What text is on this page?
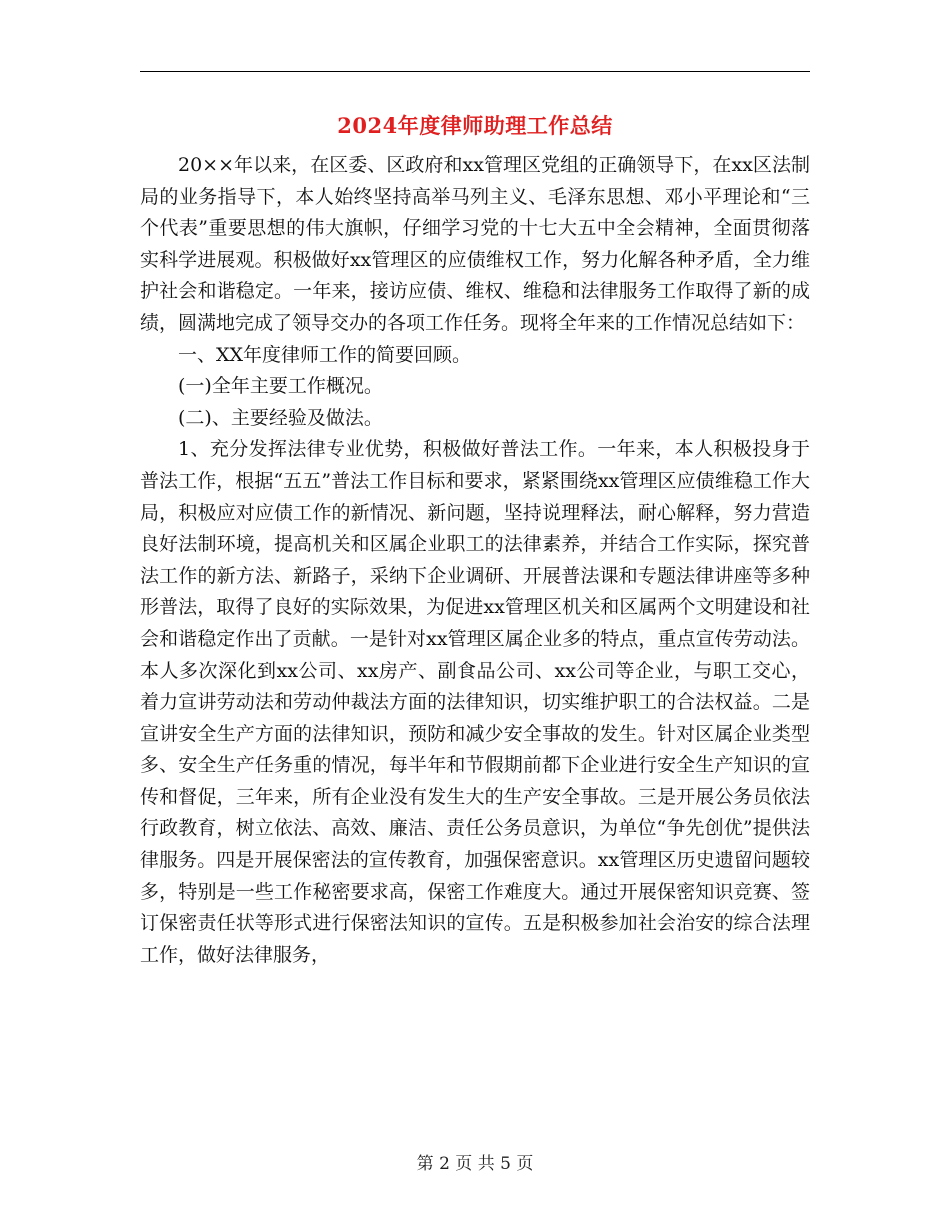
2024年度律师助理工作总结

20××年以来，在区委、区政府和xx管理区党组的正确领导下，在xx区法制局的业务指导下，本人始终坚持高举马列主义、毛泽东思想、邓小平理论和“三个代表”重要思想的伟大旗帜，仔细学习党的十七大五中全会精神，全面贯彻落实科学进展观。积极做好xx管理区的应债维权工作，努力化解各种矛盾，全力维护社会和谐稳定。一年来，接访应债、维权、维稳和法律服务工作取得了新的成绩，圆满地完成了领导交办的各项工作任务。现将全年来的工作情况总结如下：

一、XX年度律师工作的简要回顾。

(一)全年主要工作概况。

(二)、主要经验及做法。

1、充分发挥法律专业优势，积极做好普法工作。一年来，本人积极投身于普法工作，根据“五五”普法工作目标和要求，紧紧围绕xx管理区应债维稳工作大局，积极应对应债工作的新情况、新问题，坚持说理释法，耐心解释，努力营造良好法制环境，提高机关和区属企业职工的法律素养，并结合工作实际，探究普法工作的新方法、新路子，采纳下企业调研、开展普法课和专题法律讲座等多种形普法，取得了良好的实际效果，为促进xx管理区机关和区属两个文明建设和社会和谐稳定作出了贡献。一是针对xx管理区属企业多的特点，重点宣传劳动法。本人多次深化到xx公司、xx房产、副食品公司、xx公司等企业，与职工交心，着力宣讲劳动法和劳动仲裁法方面的法律知识，切实维护职工的合法权益。二是宣讲安全生产方面的法律知识，预防和减少安全事故的发生。针对区属企业类型多、安全生产任务重的情况，每半年和节假期前都下企业进行安全生产知识的宣传和督促，三年来，所有企业没有发生大的生产安全事故。三是开展公务员依法行政教育，树立依法、高效、廉洁、责任公务员意识，为单位“争先创优”提供法律服务。四是开展保密法的宣传教育，加强保密意识。xx管理区历史遗留问题较多，特别是一些工作秘密要求高，保密工作难度大。通过开展保密知识竞赛、签订保密责任状等形式进行保密法知识的宣传。五是积极参加社会治安的综合法理工作，做好法律服务，

第 2 页 共 5 页
